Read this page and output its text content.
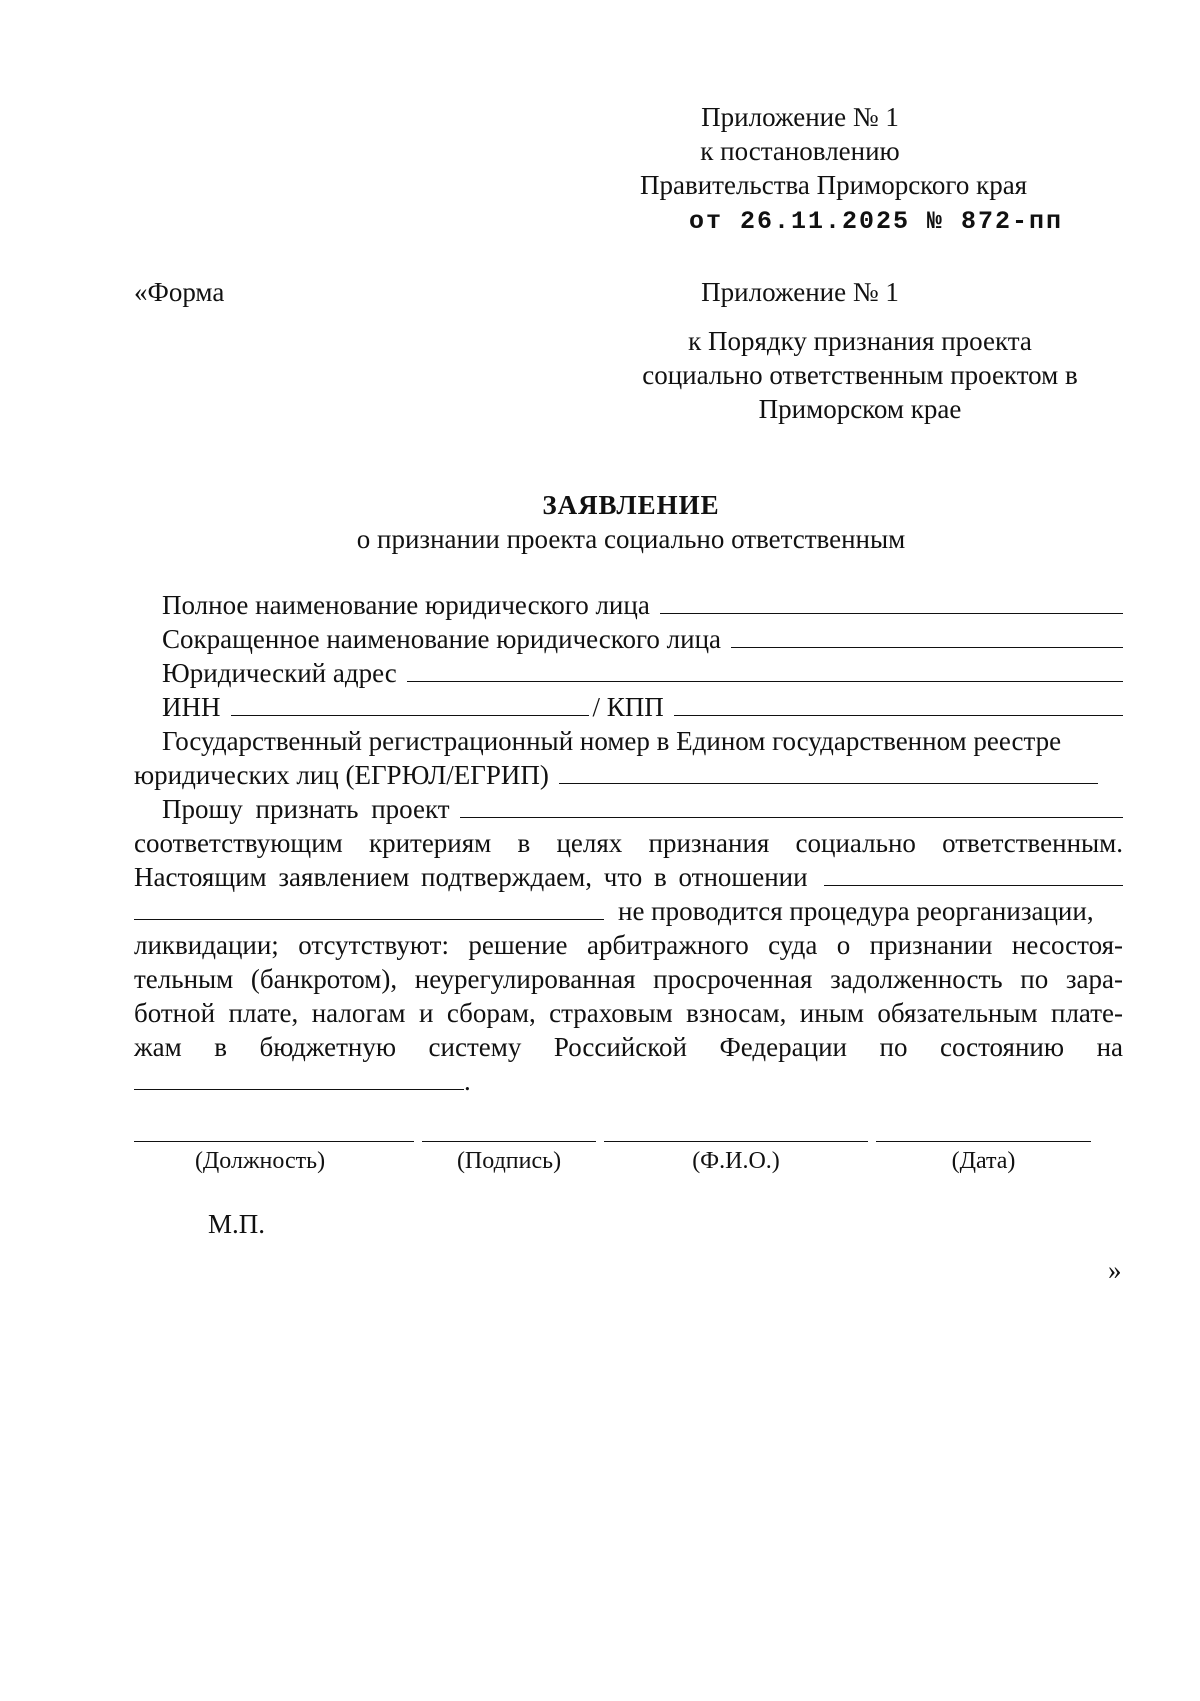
Приложение № 1
к постановлению
Правительства Приморского края
от 26.11.2025 № 872-пп
«Форма	Приложение № 1
к Порядку признания проекта
социально ответственным проектом в
Приморском крае
ЗАЯВЛЕНИЕ
о признании проекта социально ответственным
Полное наименование юридического лица
Сокращенное наименование юридического лица
Юридический адрес
ИНН	/ КПП
Государственный регистрационный номер в Едином государственном реестре
юридических лиц (ЕГРЮЛ/ЕГРИП)
Прошу признать проект
соответствующим критериям в целях признания социально ответственным.
Настоящим заявлением подтверждаем, что в отношении
не проводится процедура реорганизации,
ликвидации; отсутствуют: решение арбитражного суда о признании несостоя-
тельным (банкротом), неурегулированная просроченная задолженность по зара-
ботной плате, налогам и сборам, страховым взносам, иным обязательным плате-
жам в бюджетную систему Российской Федерации по состоянию на
.
(Должность)	(Подпись)	(Ф.И.О.)	(Дата)
М.П.
»
